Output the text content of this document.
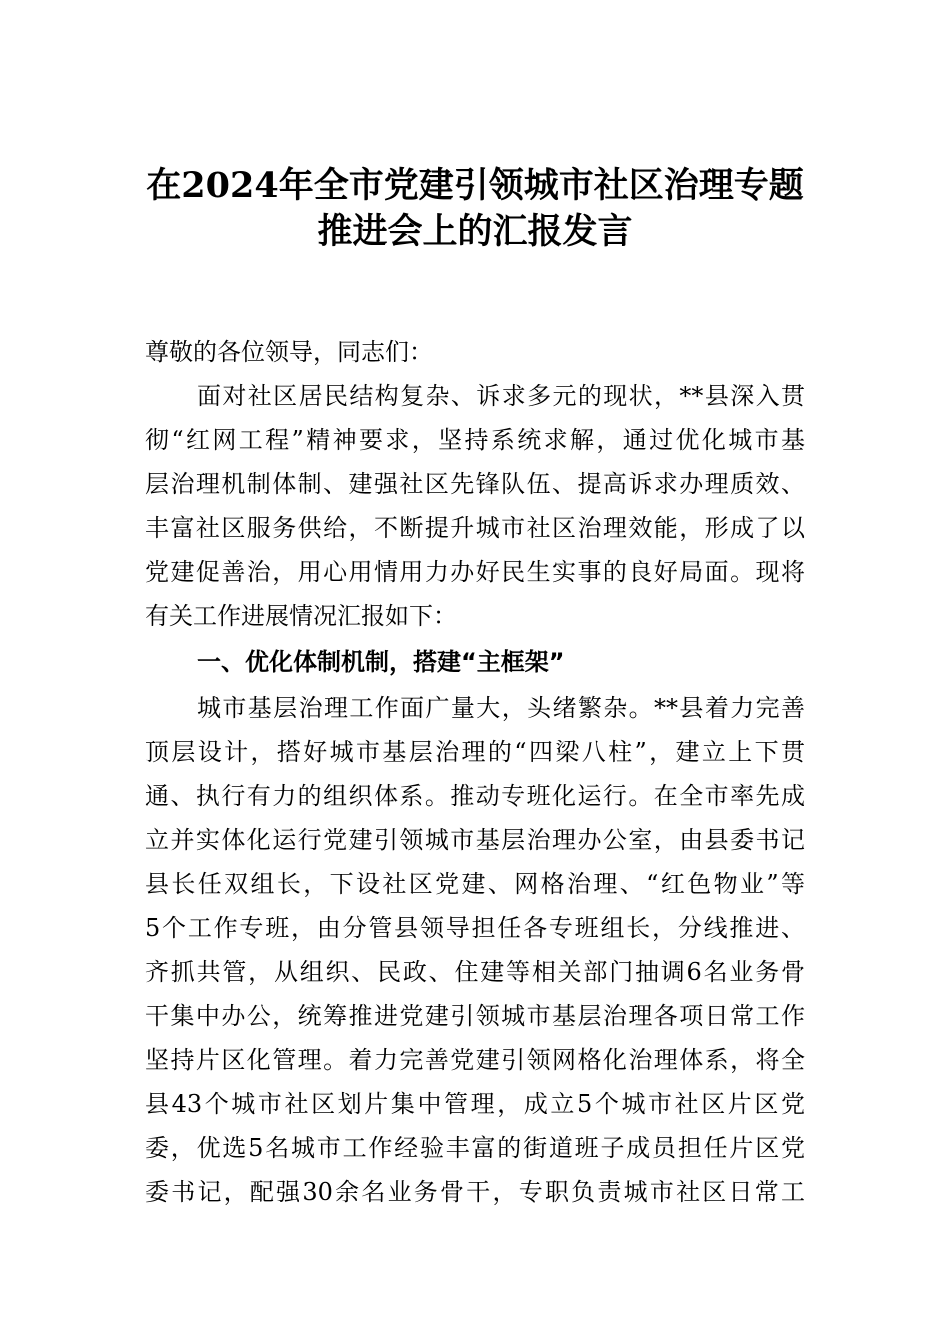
在2024年全市党建引领城市社区治理专题
推进会上的汇报发言
尊敬的各位领导，同志们：
面对社区居民结构复杂、诉求多元的现状，**县深入贯
彻“红网工程”精神要求，坚持系统求解，通过优化城市基
层治理机制体制、建强社区先锋队伍、提高诉求办理质效、
丰富社区服务供给，不断提升城市社区治理效能，形成了以
党建促善治，用心用情用力办好民生实事的良好局面。现将
有关工作进展情况汇报如下：
一、优化体制机制，搭建“主框架”
城市基层治理工作面广量大，头绪繁杂。**县着力完善
顶层设计，搭好城市基层治理的“四梁八柱”，建立上下贯
通、执行有力的组织体系。推动专班化运行。在全市率先成
立并实体化运行党建引领城市基层治理办公室，由县委书记
县长任双组长，下设社区党建、网格治理、“红色物业”等
5个工作专班，由分管县领导担任各专班组长，分线推进、
齐抓共管，从组织、民政、住建等相关部门抽调6名业务骨
干集中办公，统筹推进党建引领城市基层治理各项日常工作
坚持片区化管理。着力完善党建引领网格化治理体系，将全
县43个城市社区划片集中管理，成立5个城市社区片区党
委，优选5名城市工作经验丰富的街道班子成员担任片区党
委书记，配强30余名业务骨干，专职负责城市社区日常工
